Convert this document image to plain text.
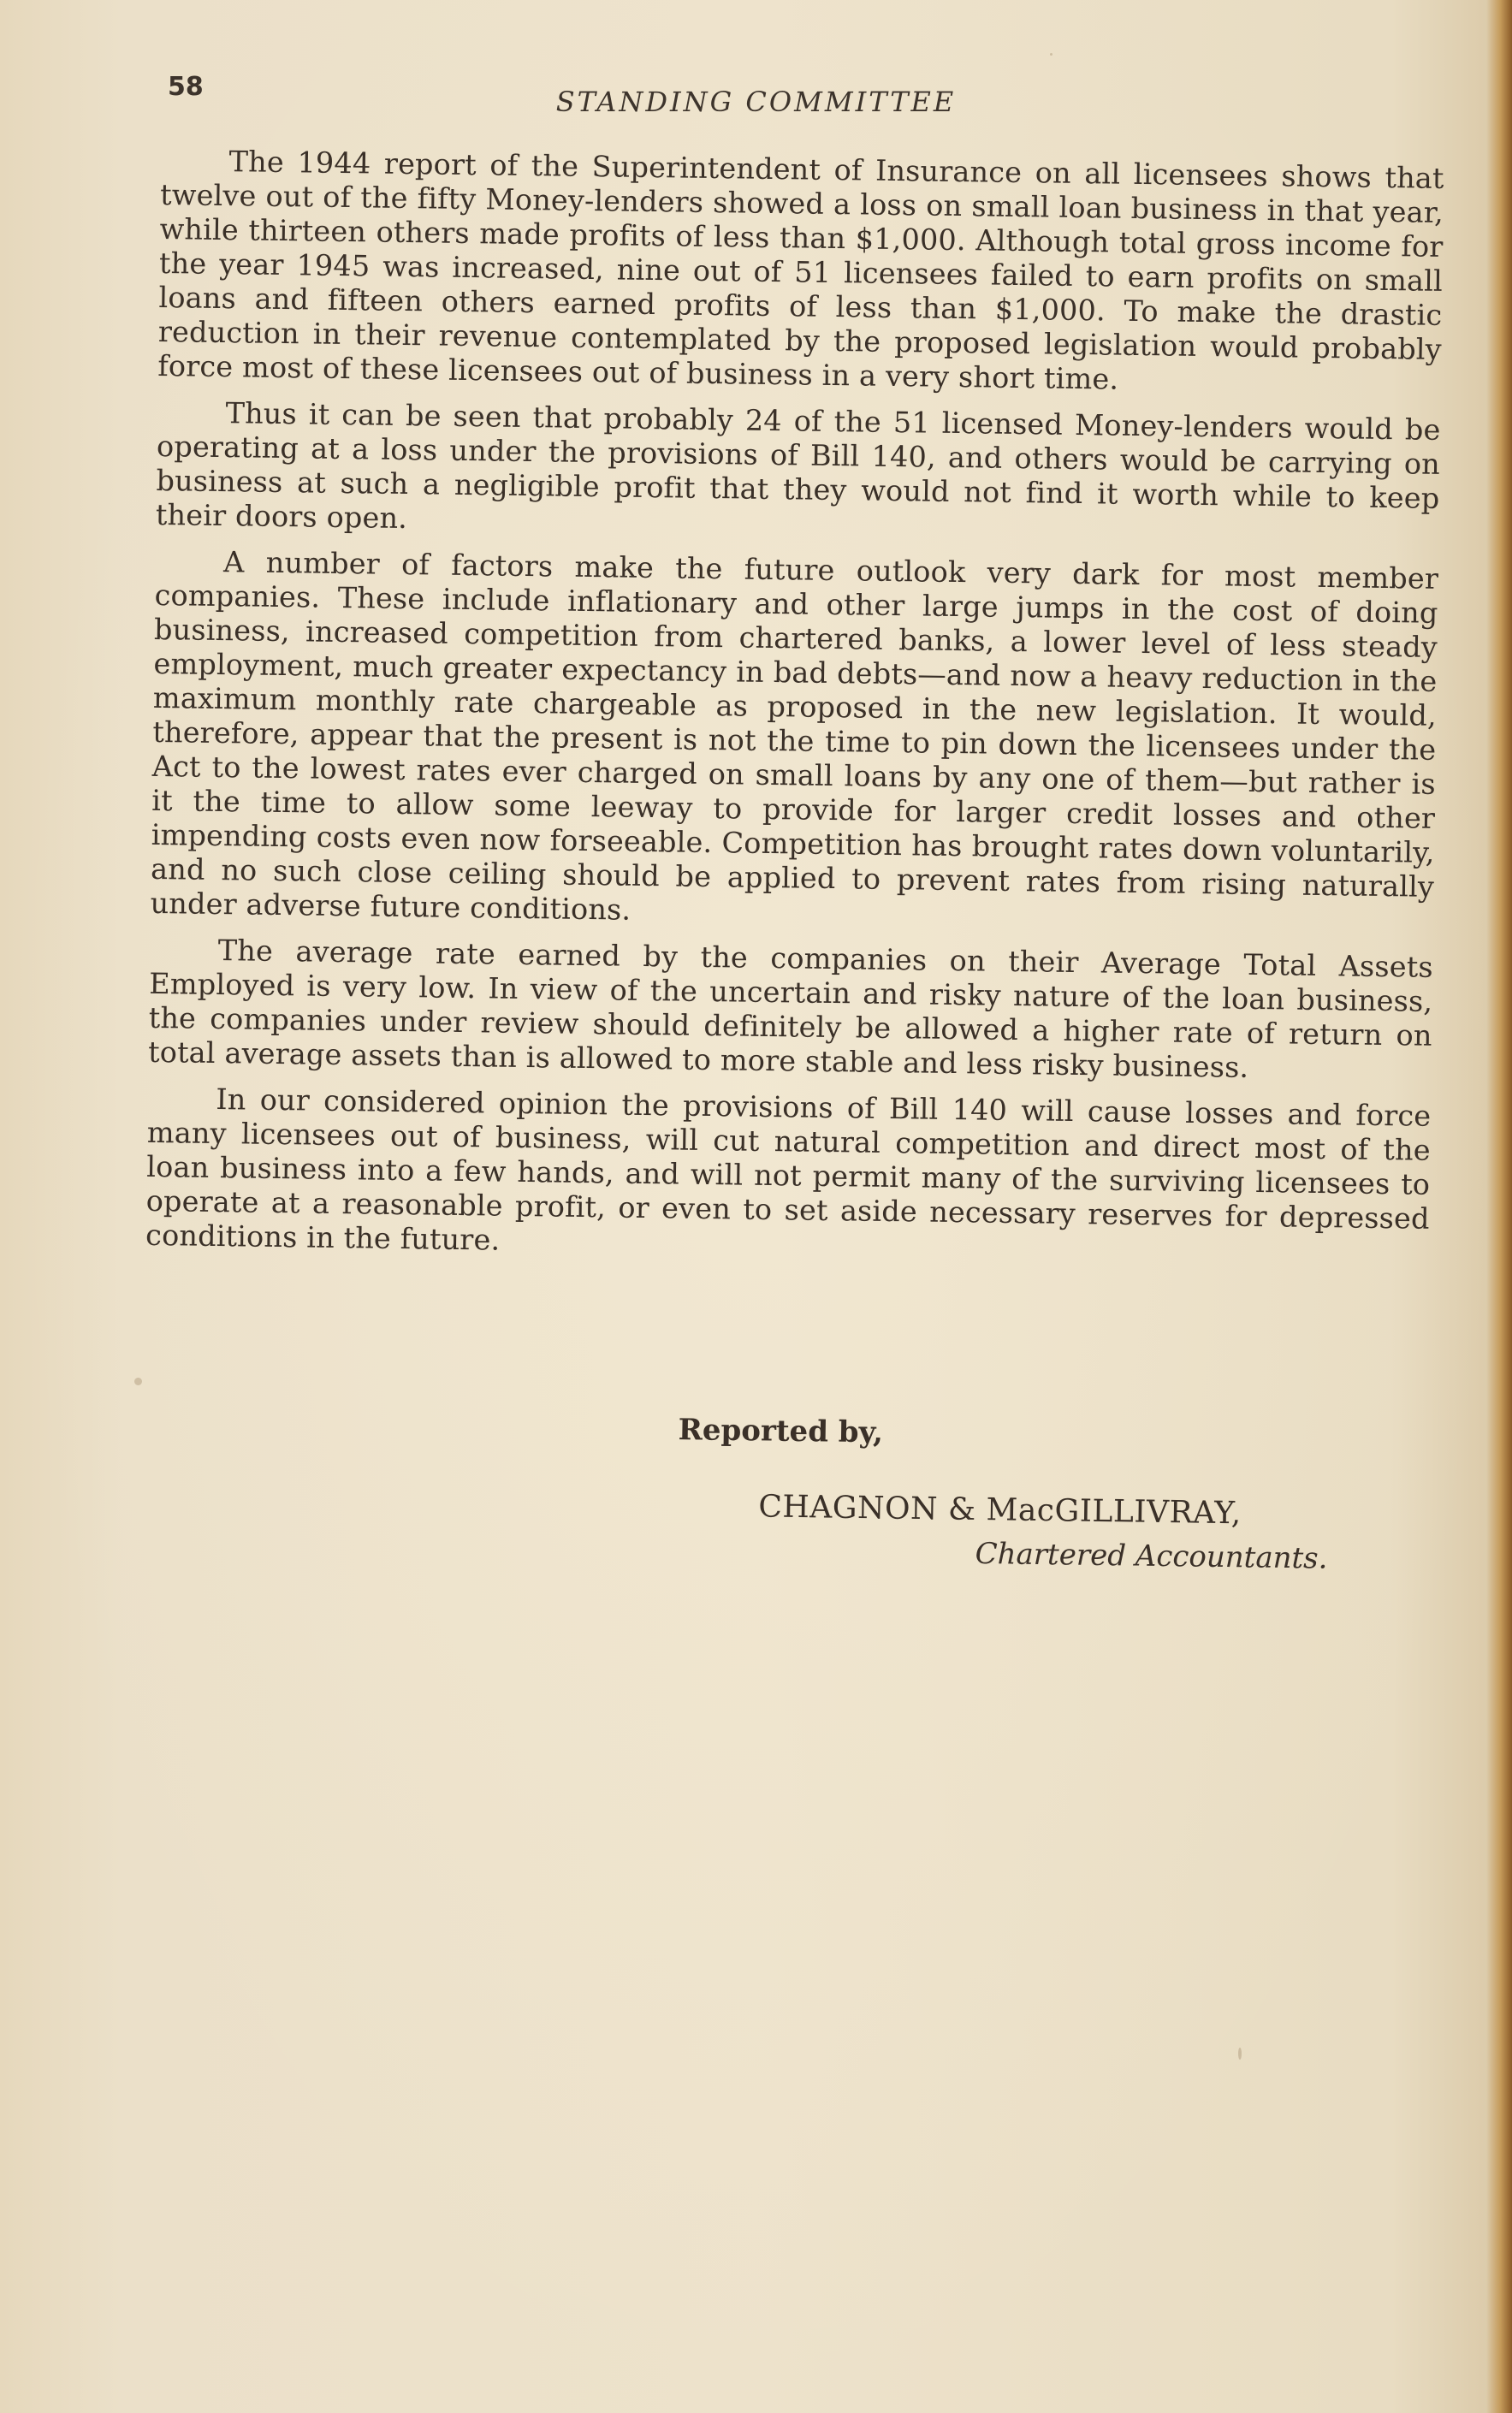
58	STANDING COMMITTEE

The 1944 report of the Superintendent of Insurance on all licensees shows that twelve out of the fifty Money-lenders showed a loss on small loan business in that year, while thirteen others made profits of less than $1,000. Although total gross income for the year 1945 was increased, nine out of 51 licensees failed to earn profits on small loans and fifteen others earned profits of less than $1,000. To make the drastic reduction in their revenue contemplated by the proposed legislation would probably force most of these licensees out of business in a very short time.

Thus it can be seen that probably 24 of the 51 licensed Money-lenders would be operating at a loss under the provisions of Bill 140, and others would be carrying on business at such a negligible profit that they would not find it worth while to keep their doors open.

A number of factors make the future outlook very dark for most member companies. These include inflationary and other large jumps in the cost of doing business, increased competition from chartered banks, a lower level of less steady employment, much greater expectancy in bad debts—and now a heavy reduction in the maximum monthly rate chargeable as proposed in the new legislation. It would, therefore, appear that the present is not the time to pin down the licensees under the Act to the lowest rates ever charged on small loans by any one of them—but rather is it the time to allow some leeway to provide for larger credit losses and other impending costs even now forseeable. Competition has brought rates down voluntarily, and no such close ceiling should be applied to prevent rates from rising naturally under adverse future conditions.

The average rate earned by the companies on their Average Total Assets Employed is very low. In view of the uncertain and risky nature of the loan business, the companies under review should definitely be allowed a higher rate of return on total average assets than is allowed to more stable and less risky business.

In our considered opinion the provisions of Bill 140 will cause losses and force many licensees out of business, will cut natural competition and direct most of the loan business into a few hands, and will not permit many of the surviving licensees to operate at a reasonable profit, or even to set aside necessary reserves for depressed conditions in the future.

Reported by,
CHAGNON & MacGILLIVRAY,
Chartered Accountants.
